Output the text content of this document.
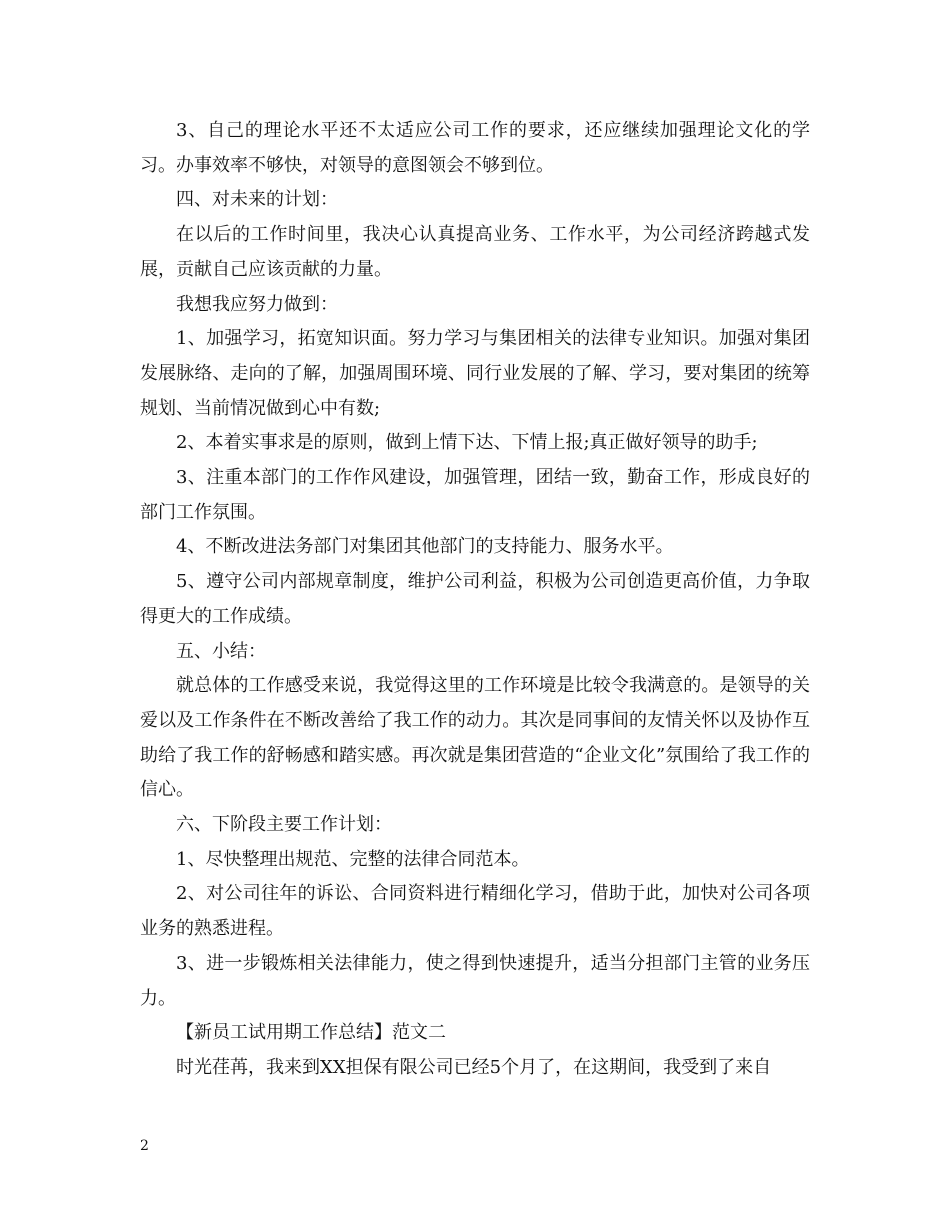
3、自己的理论水平还不太适应公司工作的要求，还应继续加强理论文化的学习。办事效率不够快，对领导的意图领会不够到位。

四、对未来的计划：

在以后的工作时间里，我决心认真提高业务、工作水平，为公司经济跨越式发展，贡献自己应该贡献的力量。

我想我应努力做到：

1、加强学习，拓宽知识面。努力学习与集团相关的法律专业知识。加强对集团发展脉络、走向的了解，加强周围环境、同行业发展的了解、学习，要对集团的统筹规划、当前情况做到心中有数;

2、本着实事求是的原则，做到上情下达、下情上报;真正做好领导的助手;

3、注重本部门的工作作风建设，加强管理，团结一致，勤奋工作，形成良好的部门工作氛围。

4、不断改进法务部门对集团其他部门的支持能力、服务水平。

5、遵守公司内部规章制度，维护公司利益，积极为公司创造更高价值，力争取得更大的工作成绩。

五、小结：

就总体的工作感受来说，我觉得这里的工作环境是比较令我满意的。是领导的关爱以及工作条件在不断改善给了我工作的动力。其次是同事间的友情关怀以及协作互助给了我工作的舒畅感和踏实感。再次就是集团营造的“企业文化”氛围给了我工作的信心。

六、下阶段主要工作计划：

1、尽快整理出规范、完整的法律合同范本。

2、对公司往年的诉讼、合同资料进行精细化学习，借助于此，加快对公司各项业务的熟悉进程。

3、进一步锻炼相关法律能力，使之得到快速提升，适当分担部门主管的业务压力。

【新员工试用期工作总结】范文二

时光荏苒，我来到XX担保有限公司已经5个月了，在这期间，我受到了来自

2
